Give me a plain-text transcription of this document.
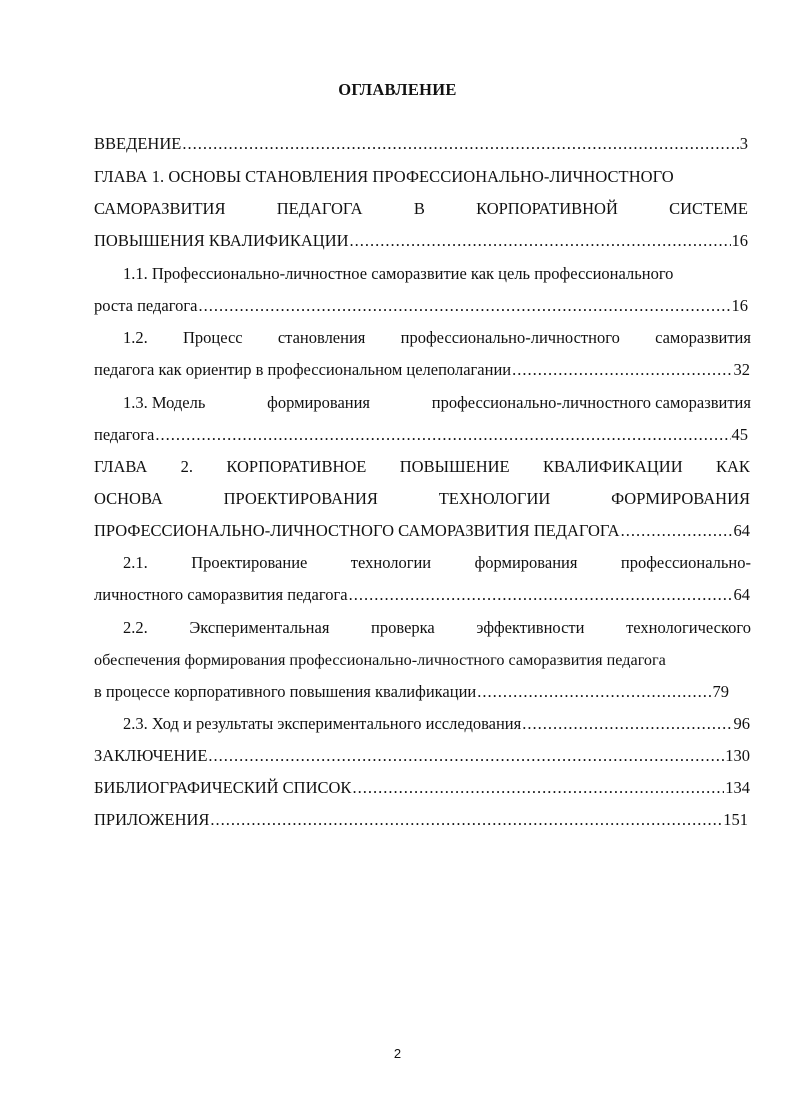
ОГЛАВЛЕНИЕ
ВВЕДЕНИЕ .....	3
ГЛАВА 1. ОСНОВЫ СТАНОВЛЕНИЯ ПРОФЕССИОНАЛЬНО-ЛИЧНОСТНОГО
САМОРАЗВИТИЯ	ПЕДАГОГА	В	КОРПОРАТИВНОЙ	СИСТЕМЕ
ПОВЫШЕНИЯ КВАЛИФИКАЦИИ .....	16
1.1. Профессионально-личностное саморазвитие как цель профессионального
роста педагога .....	16
1.2. Процесс становления профессионально-личностного саморазвития
педагога как ориентир в профессиональном целеполагании .....	32
1.3. Модель	формирования	профессионально-личностного саморазвития
педагога .....	45
ГЛАВА 2. КОРПОРАТИВНОЕ ПОВЫШЕНИЕ КВАЛИФИКАЦИИ КАК
ОСНОВА	ПРОЕКТИРОВАНИЯ	ТЕХНОЛОГИИ	ФОРМИРОВАНИЯ
ПРОФЕССИОНАЛЬНО-ЛИЧНОСТНОГО САМОРАЗВИТИЯ ПЕДАГОГА .....	64
2.1.	Проектирование	технологии	формирования	профессионально-
личностного саморазвития педагога .....	64
2.2.	Экспериментальная	проверка	эффективности	технологического
обеспечения формирования профессионально-личностного саморазвития педагога
в процессе корпоративного повышения квалификации .....	79
2.3. Ход и результаты экспериментального исследования .....	96
ЗАКЛЮЧЕНИЕ .....	130
БИБЛИОГРАФИЧЕСКИЙ СПИСОК .....	134
ПРИЛОЖЕНИЯ .....	151
2
